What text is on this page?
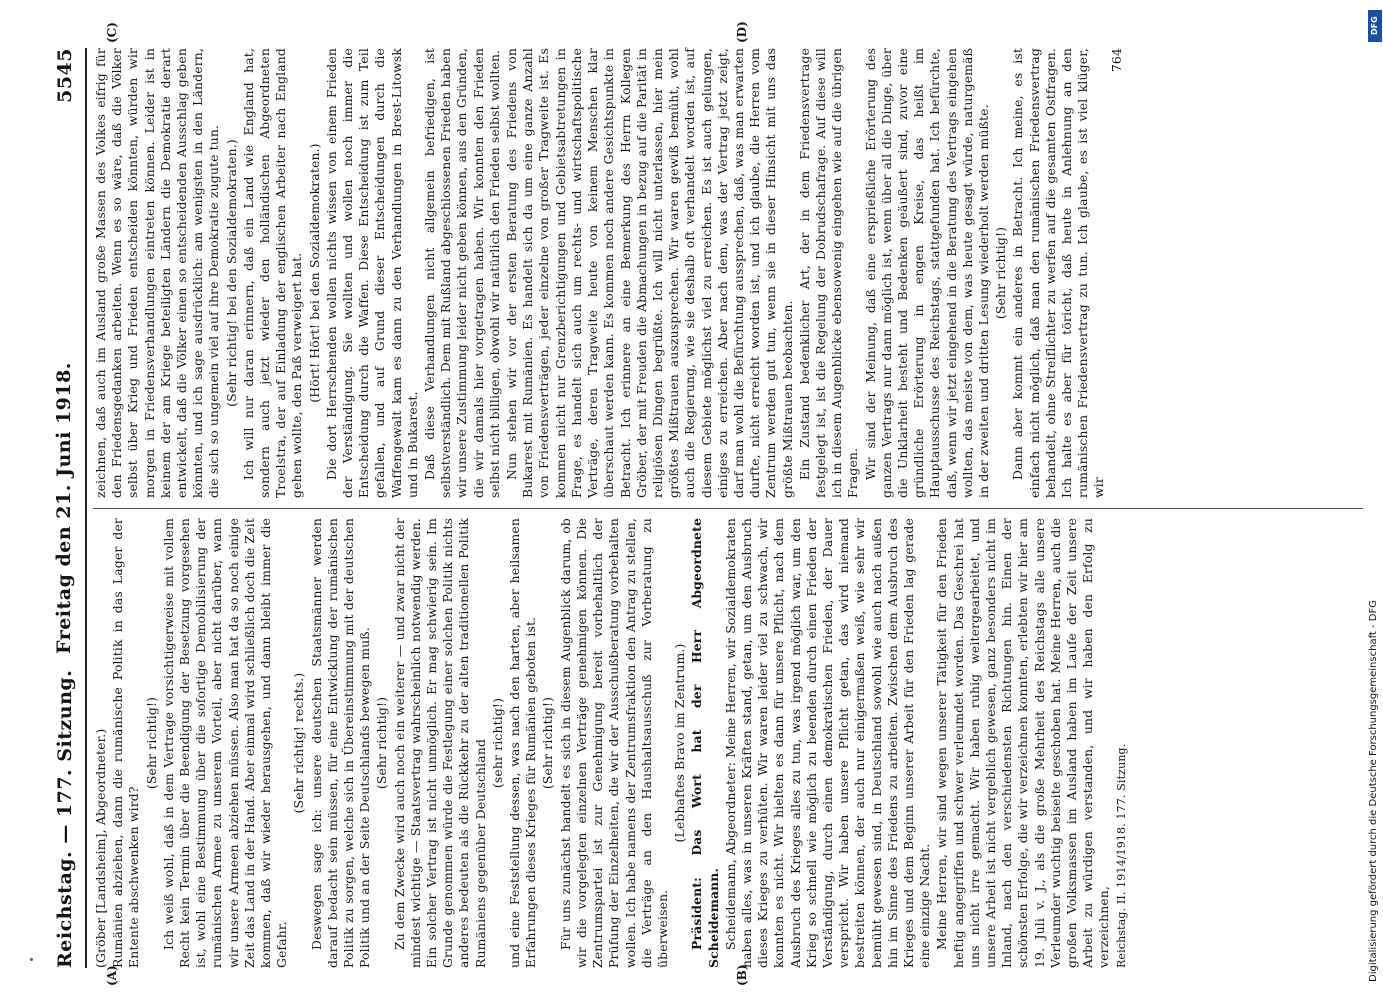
Reichstag. — 177. Sitzung.
5545
Freitag den 21. Juni 1918.
(A)	(B)
(C)	(D)

(Gröber [Landsheim], Abgeordneter.) Rumänien abziehen, dann die rumänische Politik in das Lager der Entente abschwenken wird?

(Sehr richtig!) Ich weiß wohl, daß in dem Vertrage vorsichtigerweise mit vollem Recht kein Termin über die Beendigung der Besetzung vorgesehen ist, wohl eine Bestimmung über die sofortige Demobilisierung der rumänischen Armee zu unserem Vorteil, aber nicht darüber, wann wir unsere Armeen abziehen müssen. Also man hat da so noch einige Zeit das Land in der Hand. Aber einmal wird schließlich doch die Zeit kommen, daß wir wieder herausgehen, und dann bleibt immer die Gefahr.

(Sehr richtig! rechts.) Deswegen sage ich: unsere deutschen Staatsmänner werden darauf bedacht sein müssen, für eine Entwicklung der rumänischen Politik zu sorgen, welche sich in Übereinstimmung mit der deutschen Politik und an der Seite Deutschlands bewegen muß. (Sehr richtig!) Zu dem Zwecke wird auch noch ein weiterer — und zwar nicht der mindest wichtige — Staatsvertrag wahrscheinlich notwendig werden. Ein solcher Vertrag ist nicht unmöglich. Er mag schwierig sein. Im Grunde genommen würde die Festlegung einer solchen Politik nichts anderes bedeuten als die Rückkehr zu der alten traditionellen Politik Rumäniens gegenüber Deutschland (sehr richtig!) und eine Feststellung dessen, was nach den harten, aber heilsamen Erfahrungen dieses Krieges für Rumänien geboten ist. (Sehr richtig!) Für uns zunächst handelt es sich in diesem Augenblick darum, ob wir die vorgelegten einzelnen Verträge genehmigen können. Die Zentrumspartei ist zur Genehmigung bereit vorbehaltlich der Prüfung der Einzelheiten, die wir der Ausschußberatung vorbehalten wollen. Ich habe namens der Zentrumsfraktion den Antrag zu stellen, die Verträge an den Haushaltsausschuß zur Vorberatung zu überweisen.

(Lebhaftes Bravo im Zentrum.) Präsident: Das Wort hat der Herr Abgeordnete Scheidemann. Scheidemann, Abgeordneter: Meine Herren, wir Sozialdemokraten haben alles, was in unseren Kräften stand, getan, um den Ausbruch dieses Krieges zu verhüten. Wir waren leider viel zu schwach, wir konnten es nicht. Wir hielten es dann für unsere Pflicht, nach dem Ausbruch des Krieges alles zu tun, was irgend möglich war, um den Krieg so schnell wie möglich zu beenden durch einen Frieden der Verständigung, durch einen demokratischen Frieden, der Dauer verspricht. Wir haben unsere Pflicht getan, das wird niemand bestreiten können, der auch nur einigermaßen weiß, wie sehr wir bemüht gewesen sind, in Deutschland sowohl wie auch nach außen hin im Sinne des Friedens zu arbeiten. Zwischen dem Ausbruch des Krieges und dem Beginn unserer Arbeit für den Frieden lag gerade eine einzige Nacht. Meine Herren, wir sind wegen unserer Tätigkeit für den Frieden heftig angegriffen und schwer verleumdet worden. Das Geschrei hat uns nicht irre gemacht. Wir haben ruhig weitergearbeitet, und unsere Arbeit ist nicht vergeblich gewesen, ganz besonders nicht im Inland, nach den verschiedensten Richtungen hin. Einen der schönsten Erfolge, die wir verzeichnen konnten, erlebten wir hier am 19. Juli v. J., als die große Mehrheit des Reichstags alle unsere Verleumder wuchtig beiseite geschoben hat. Meine Herren, auch die großen Volksmassen im Ausland haben im Laufe der Zeit unsere Arbeit zu würdigen verstanden, und wir haben den Erfolg zu verzeichnen, Reichstag. II. 1914/1918. 177. Sitzung.

zeichnen, daß auch im Ausland große Massen des Volkes eifrig für den Friedensgedanken arbeiten. Wenn es so wäre, daß die Völker selbst über Krieg und Frieden entscheiden könnten, würden wir morgen in Friedensverhandlungen eintreten können. Leider ist in keinem der am Kriege beteiligten Ländern die Demokratie derart entwickelt, daß die Völker einen so entscheidenden Ausschlag geben könnten, und ich sage ausdrücklich: am wenigsten in den Ländern, die sich so ungemein viel auf ihre Demokratie zugute tun. (Sehr richtig! bei den Sozialdemokraten.) Ich will nur daran erinnern, daß ein Land wie England hat, sondern auch jetzt wieder den holländischen Abgeordneten Troelstra, der auf Einladung der englischen Arbeiter nach England gehen wollte, den Paß verweigert hat. (Hört! Hört! bei den Sozialdemokraten.) Die dort Herrschenden wollen nichts wissen von einem Frieden der Verständigung. Sie wollten und wollen noch immer die Entscheidung durch die Waffen. Diese Entscheidung ist zum Teil gefallen, und auf Grund dieser Entscheidungen durch die Waffengewalt kam es dann zu den Verhandlungen in Brest-Litowsk und in Bukarest. Daß diese Verhandlungen nicht allgemein befriedigen, ist selbstverständlich. Dem mit Rußland abgeschlossenen Frieden haben wir unsere Zustimmung leider nicht geben können, aus den Gründen, die wir damals hier vorgetragen haben. Wir konnten den Frieden selbst nicht billigen, obwohl wir natürlich den Frieden selbst wollten. Nun stehen wir vor der ersten Beratung des Friedens von Bukarest mit Rumänien. Es handelt sich da um eine ganze Anzahl von Friedensverträgen, jeder einzelne von großer Tragweite ist. Es kommen nicht nur Grenzberichtigungen und Gebietsabtretungen in Frage, es handelt sich auch um rechts- und wirtschaftspolitische Verträge, deren Tragweite heute von keinem Menschen klar überschaut werden kann. Es kommen noch andere Gesichtspunkte in Betracht. Ich erinnere an eine Bemerkung des Herrn Kollegen Gröber, der mit Freuden die Abmachungen in bezug auf die Parität in religiösen Dingen begrüßte. Ich will nicht unterlassen, hier mein größtes Mißtrauen auszusprechen. Wir waren gewiß bemüht, wohl auch die Regierung, wie sie deshalb oft verhandelt worden ist, auf diesem Gebiete möglichst viel zu erreichen. Es ist auch gelungen, einiges zu erreichen. Aber nach dem, was der Vertrag jetzt zeigt, darf man wohl die Befürchtung aussprechen, daß, was man erwarten durfte, nicht erreicht worden ist, und ich glaube, die Herren vom Zentrum werden gut tun, wenn sie in dieser Hinsicht mit uns das größte Mißtrauen beobachten. Ein Zustand bedenklicher Art, der in dem Friedensvertrage festgelegt ist, ist die Regelung der Dobrudschafrage. Auf diese will ich in diesem Augenblicke ebensowenig eingehen wie auf die übrigen Fragen. Wir sind der Meinung, daß eine ersprießliche Erörterung des ganzen Vertrags nur dann möglich ist, wenn über all die Dinge, über die Unklarheit besteht und Bedenken geäußert sind, zuvor eine gründliche Erörterung in engen Kreise, das heißt im Hauptausschusse des Reichstags, stattgefunden hat. Ich befürchte, daß, wenn wir jetzt eingehend in die Beratung des Vertrags eingehen wollten, das meiste von dem, was heute gesagt würde, naturgemäß in der zweiten und dritten Lesung wiederholt werden müßte. (Sehr richtig!) Dann aber kommt ein anderes in Betracht. Ich meine, es ist einfach nicht möglich, daß man den rumänischen Friedensvertrag behandelt, ohne Streiflichter zu werfen auf die gesamten Ostfragen. Ich halte es aber für töricht, daß heute in Anlehnung an den rumänischen Friedensvertrag zu tun. Ich glaube, es ist viel klüger, wir

764

DFG
Digitalisierung gefördert durch die Deutsche Forschungsgemeinschaft - DFG
